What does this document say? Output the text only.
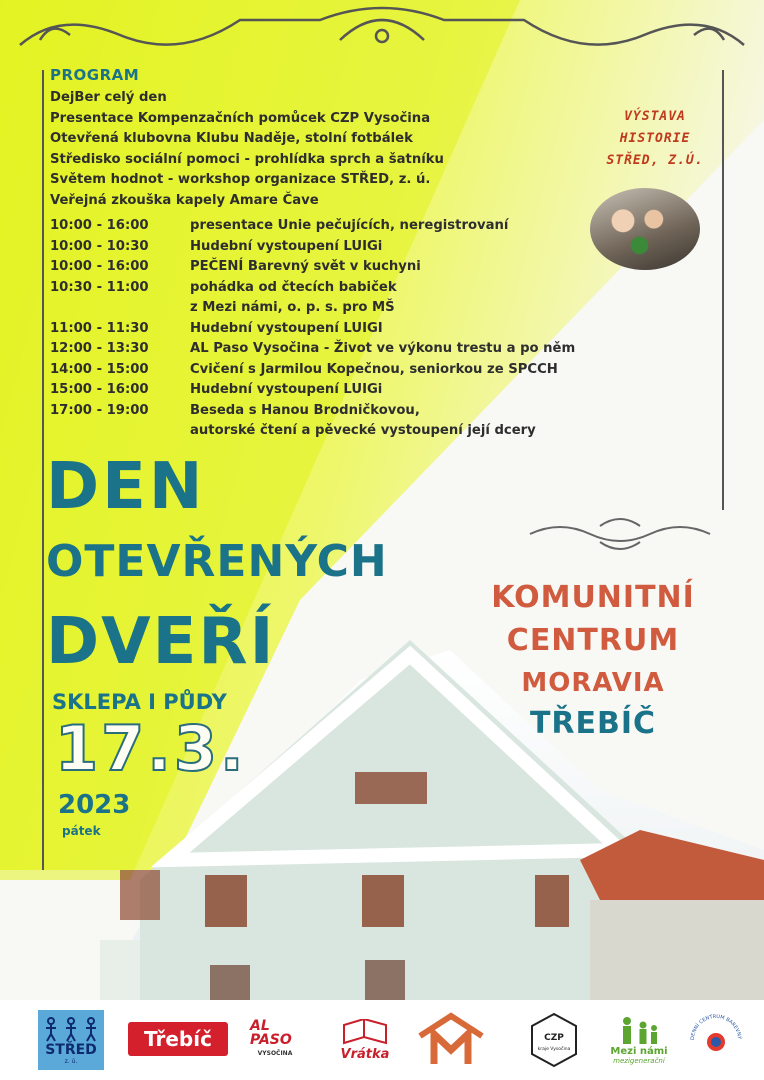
PROGRAM
DejBer celý den
Presentace Kompenzačních pomůcek CZP Vysočina
Otevřená klubovna Klubu Naděje, stolní fotbálek
Středisko sociální pomoci - prohlídka sprch a šatníku
Světem hodnot - workshop organizace STŘED, z. ú.
Veřejná zkouška kapely Amare Čave
10:00 - 16:00	presentace Unie pečujících, neregistrovaní
10:00 - 10:30	Hudební vystoupení LUIGi
10:00 - 16:00	PEČENÍ Barevný svět v kuchyni
10:30 - 11:00	pohádka od čtecích babiček
z Mezi námi, o. p. s. pro MŠ
11:00 - 11:30	Hudební vystoupení LUIGI
12:00 - 13:30	AL Paso Vysočina - Život ve výkonu trestu a po něm
14:00 - 15:00	Cvičení s Jarmilou Kopečnou, seniorkou ze SPCCH
15:00 - 16:00	Hudební vystoupení LUIGi
17:00 - 19:00	Beseda s Hanou Brodničkovou,
autorské čtení a pěvecké vystoupení její dcery
VÝSTAVA
HISTORIE
STŘED, Z.Ú.
DEN
OTEVŘENÝCH
DVEŘÍ
SKLEPA I PŮDY
17.3.
2023
pátek
KOMUNITNÍ
CENTRUM
MORAVIA
TŘEBÍČ
STŘED
z. ú.
Třebíč
AL PASO
VYSOČINA	Vrátka
CZP
kraje Vysočina	Mezi námi
mezigenerační
DENNÍ CENTRUM BAREVNÝ
